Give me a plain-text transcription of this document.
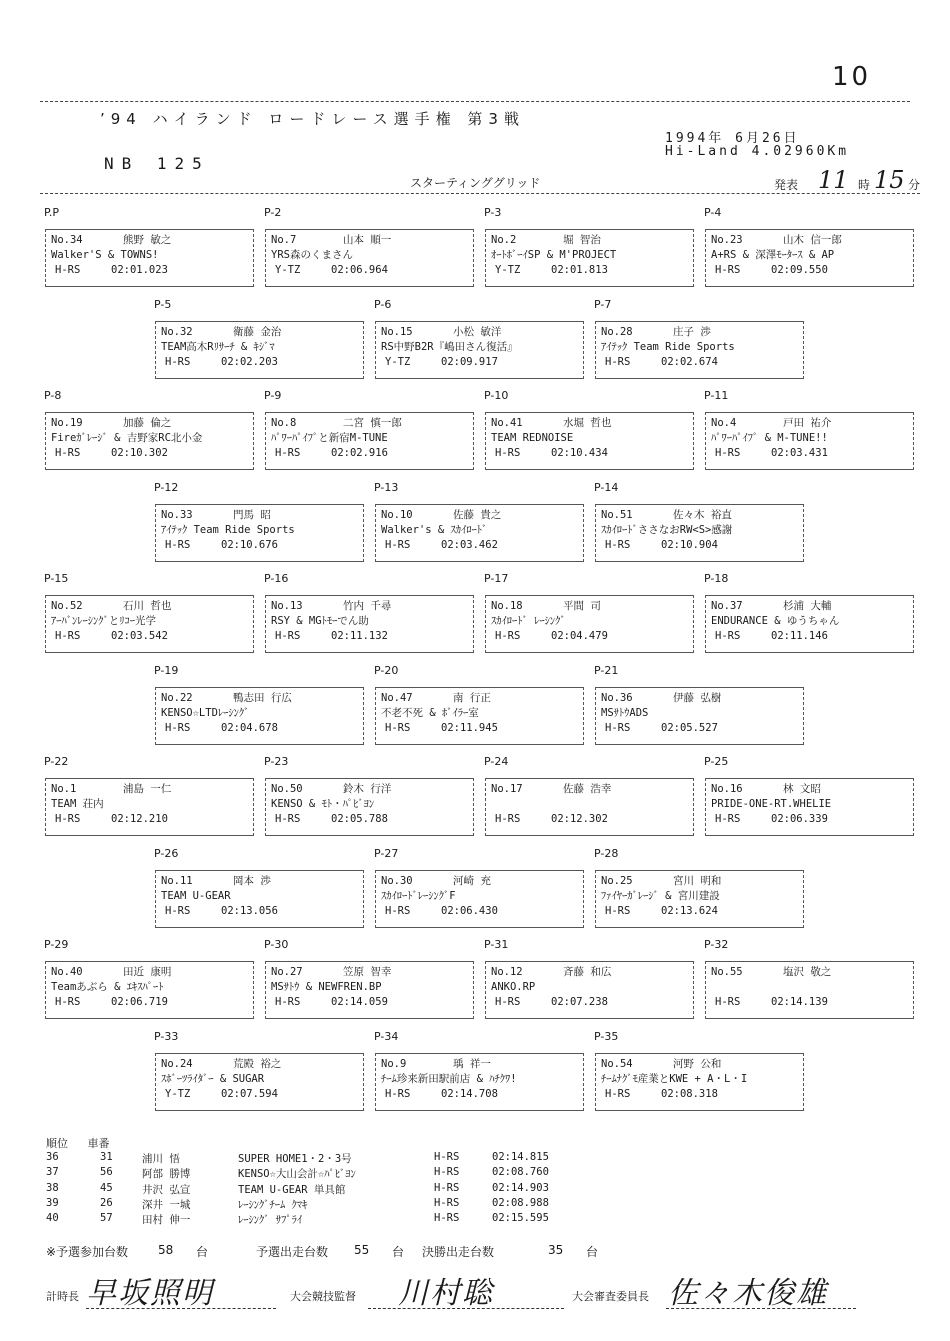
10
’94 ハイランド ロードレース選手権 第3戦
1994年 6月26日
Hi-Land 4.02960Km
NB 125
スターティンググリッド	発表 11 時 15 分
P.P
No.34	熊野 敏之
Walker'S & TOWNS!
H-RS	02:01.023
P-2
No.7	山本 順一
YRS森のくまさん
Y-TZ	02:06.964
P-3
No.2	堀 智治
ｵｰﾄﾎﾞｰｲSP & M'PROJECT
Y-TZ	02:01.813
P-4
No.23	山木 信一郎
A+RS & 深澤ﾓｰﾀｰｽ & AP
H-RS	02:09.550
P-5
No.32	衛藤 金治
TEAM高木Rﾘｻｰﾁ & ｷｼﾞﾏ
H-RS	02:02.203
P-6
No.15	小松 敏洋
RS中野B2R『嶋田さん復活』
Y-TZ	02:09.917
P-7
No.28	庄子 渉
ｱｲﾃｯｸ Team Ride Sports
H-RS	02:02.674
P-8
No.19	加藤 倫之
Fireｶﾞﾚｰｼﾞ & 吉野家RC北小金
H-RS	02:10.302
P-9
No.8	二宮 慎一郎
ﾊﾟﾜｰﾊﾟｲﾌﾟと新宿M-TUNE
H-RS	02:02.916
P-10
No.41	水堀 哲也
TEAM REDNOISE
H-RS	02:10.434
P-11
No.4	戸田 祐介
ﾊﾟﾜｰﾊﾟｲﾌﾟ & M-TUNE!!
H-RS	02:03.431
P-12
No.33	門馬 昭
ｱｲﾃｯｸ Team Ride Sports
H-RS	02:10.676
P-13
No.10	佐藤 貴之
Walker's & ｽｶｲﾛｰﾄﾞ
H-RS	02:03.462
P-14
No.51	佐々木 裕直
ｽｶｲﾛｰﾄﾞささなおRW<S>感謝
H-RS	02:10.904
P-15
No.52	石川 哲也
ｱｰﾊﾞﾝﾚｰｼﾝｸﾞとﾘｺｰ光学
H-RS	02:03.542
P-16
No.13	竹内 千尋
RSY & MGﾄﾓｰでん助
H-RS	02:11.132
P-17
No.18	平間 司
ｽｶｲﾛｰﾄﾞ ﾚｰｼﾝｸﾞ
H-RS	02:04.479
P-18
No.37	杉浦 大輔
ENDURANCE & ゆうちゃん
H-RS	02:11.146
P-19
No.22	鴨志田 行広
KENSO☆LTDﾚｰｼﾝｸﾞ
H-RS	02:04.678
P-20
No.47	南 行正
不老不死 & ﾎﾞｲﾗｰ室
H-RS	02:11.945
P-21
No.36	伊藤 弘樹
MSｻﾄｳADS
H-RS	02:05.527
P-22
No.1	浦島 一仁
TEAM 荘内
H-RS	02:12.210
P-23
No.50	鈴木 行洋
KENSO & ﾓﾄ・ﾊﾟﾋﾞﾖﾝ
H-RS	02:05.788
P-24
No.17	佐藤 浩幸
H-RS	02:12.302
P-25
No.16	林 文昭
PRIDE-ONE-RT.WHELIE
H-RS	02:06.339
P-26
No.11	岡本 渉
TEAM U-GEAR
H-RS	02:13.056
P-27
No.30	河崎 充
ｽｶｲﾛｰﾄﾞﾚｰｼﾝｸﾞF
H-RS	02:06.430
P-28
No.25	宮川 明和
ﾌｧｲﾔｰｶﾞﾚｰｼﾞ & 宮川建設
H-RS	02:13.624
P-29
No.40	田近 康明
Teamあぶら & ｴｷｽﾊﾟｰﾄ
H-RS	02:06.719
P-30
No.27	笠原 智幸
MSｻﾄｳ & NEWFREN.BP
H-RS	02:14.059
P-31
No.12	斉藤 和広
ANKO.RP
H-RS	02:07.238
P-32
No.55	塩沢 敬之
H-RS	02:14.139
P-33
No.24	荒殿 裕之
ｽﾎﾞｰﾂﾗｲﾀﾞｰ & SUGAR
Y-TZ	02:07.594
P-34
No.9	瑀 祥一
ﾁｰﾑ珍来新田駅前店 & ﾊﾁｸﾜ!
H-RS	02:14.708
P-35
No.54	河野 公和
ﾁｰﾑﾅｸﾞﾓ産業とKWE + A・L・I
H-RS	02:08.318
順位 車番
36	31	浦川 悟	SUPER HOME1・2・3号	H-RS	02:14.815
37	56	阿部 勝博	KENSO☆大山会計☆ﾊﾟﾋﾞﾖﾝ	H-RS	02:08.760
38	45	井沢 弘宣	TEAM U-GEAR 単具館	H-RS	02:14.903
39	26	深井 一城	ﾚｰｼﾝｸﾞﾁｰﾑ ｸﾏｷ	H-RS	02:08.988
40	57	田村 伸一	ﾚｰｼﾝｸﾞ ｻﾌﾟﾗｲ	H-RS	02:15.595
※予選参加台数 58 台	予選出走台数 55 台 決勝出走台数	35 台
計時長 早坂照明	大会競技監督 川村聡	大会審査委員長 佐々木俊雄
